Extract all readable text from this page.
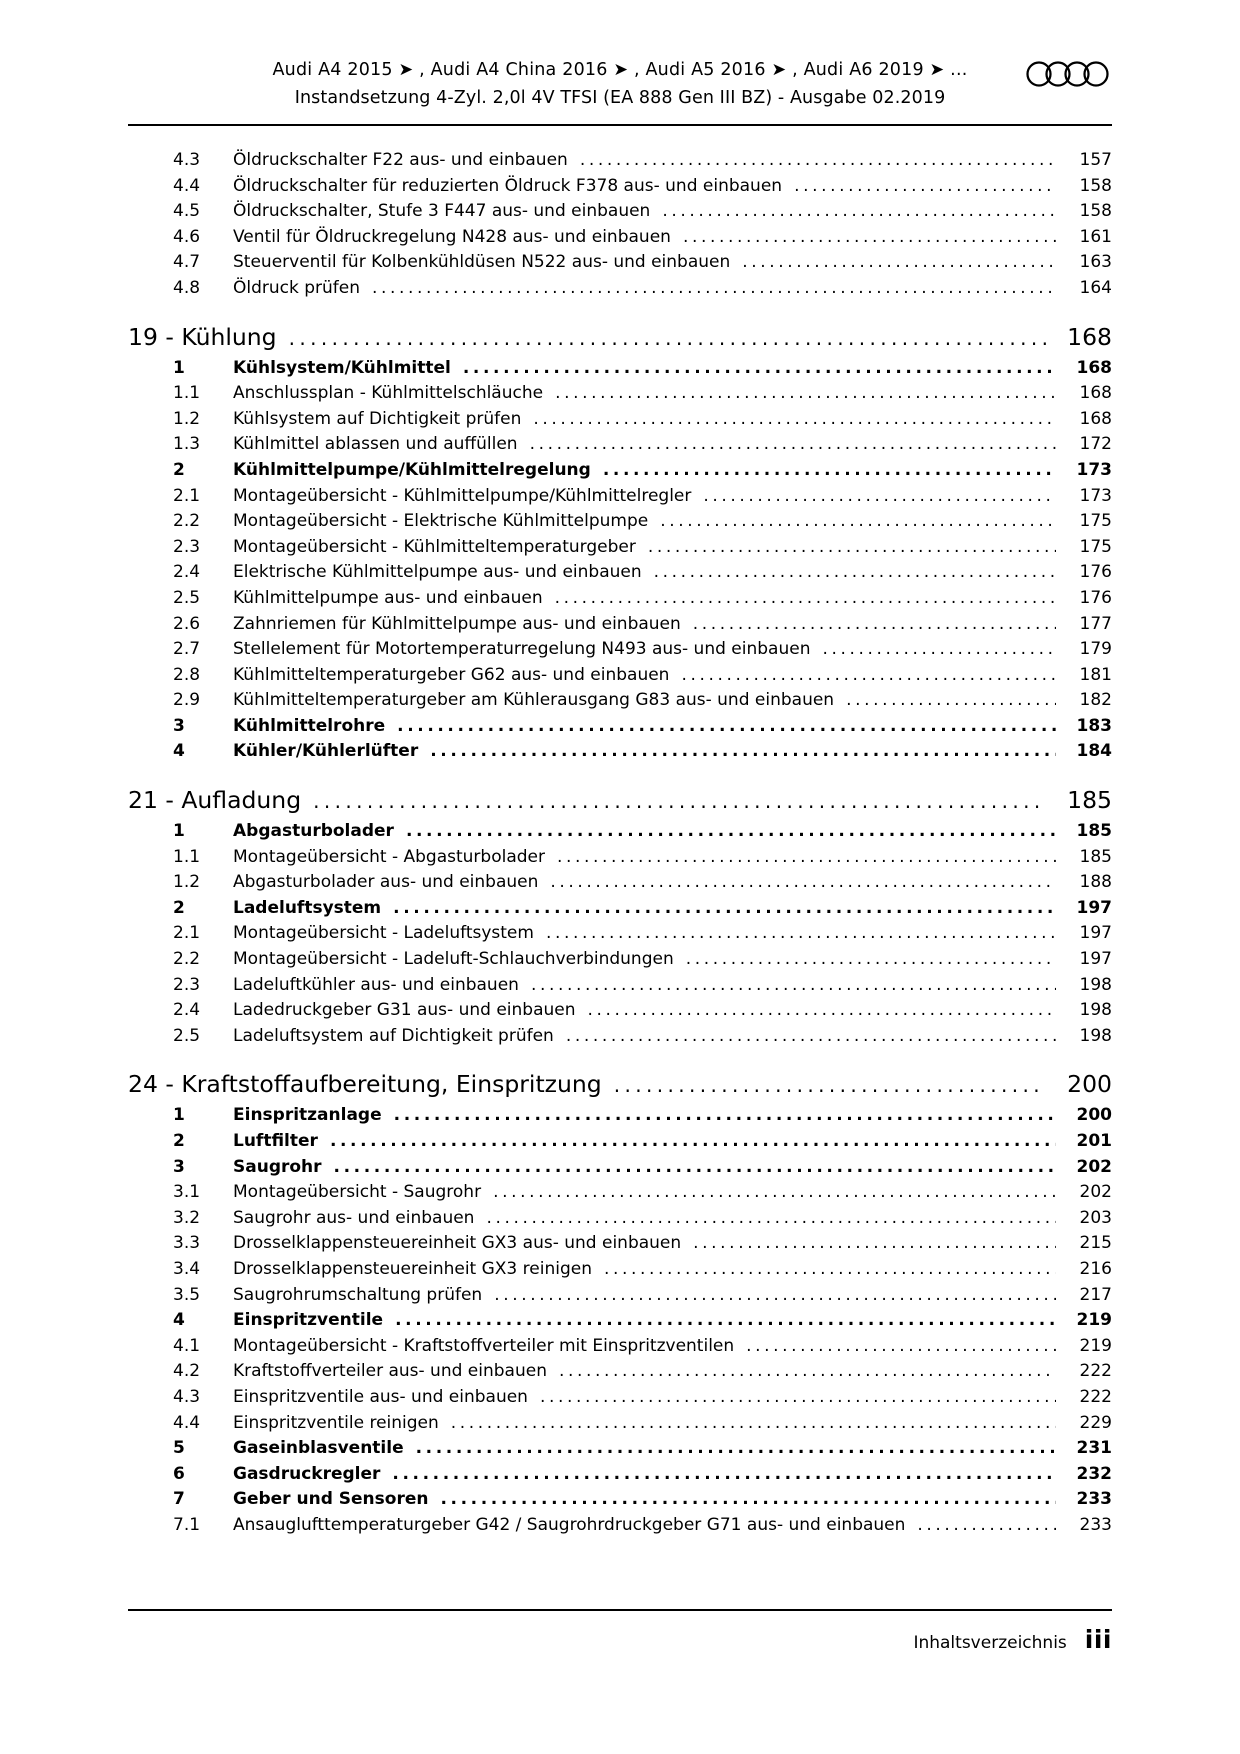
Audi A4 2015 ➤ , Audi A4 China 2016 ➤ , Audi A5 2016 ➤ , Audi A6 2019 ➤ ...
Instandsetzung 4-Zyl. 2,0l 4V TFSI (EA 888 Gen III BZ) - Ausgabe 02.2019
4.3	Öldruckschalter F22 aus- und einbauen .....	157
4.4	Öldruckschalter für reduzierten Öldruck F378 aus- und einbauen .....	158
4.5	Öldruckschalter, Stufe 3 F447 aus- und einbauen .....	158
4.6	Ventil für Öldruckregelung N428 aus- und einbauen .....	161
4.7	Steuerventil für Kolbenkühldüsen N522 aus- und einbauen .....	163
4.8	Öldruck prüfen .....	164
19 - Kühlung .....	168
1	Kühlsystem/Kühlmittel .....	168
1.1	Anschlussplan - Kühlmittelschläuche .....	168
1.2	Kühlsystem auf Dichtigkeit prüfen .....	168
1.3	Kühlmittel ablassen und auffüllen .....	172
2	Kühlmittelpumpe/Kühlmittelregelung .....	173
2.1	Montageübersicht - Kühlmittelpumpe/Kühlmittelregler .....	173
2.2	Montageübersicht - Elektrische Kühlmittelpumpe .....	175
2.3	Montageübersicht - Kühlmitteltemperaturgeber .....	175
2.4	Elektrische Kühlmittelpumpe aus- und einbauen .....	176
2.5	Kühlmittelpumpe aus- und einbauen .....	176
2.6	Zahnriemen für Kühlmittelpumpe aus- und einbauen .....	177
2.7	Stellelement für Motortemperaturregelung N493 aus- und einbauen .....	179
2.8	Kühlmitteltemperaturgeber G62 aus- und einbauen .....	181
2.9	Kühlmitteltemperaturgeber am Kühlerausgang G83 aus- und einbauen .....	182
3	Kühlmittelrohre .....	183
4	Kühler/Kühlerlüfter .....	184
21 - Aufladung .....	185
1	Abgasturbolader .....	185
1.1	Montageübersicht - Abgasturbolader .....	185
1.2	Abgasturbolader aus- und einbauen .....	188
2	Ladeluftsystem .....	197
2.1	Montageübersicht - Ladeluftsystem .....	197
2.2	Montageübersicht - Ladeluft-Schlauchverbindungen .....	197
2.3	Ladeluftkühler aus- und einbauen .....	198
2.4	Ladedruckgeber G31 aus- und einbauen .....	198
2.5	Ladeluftsystem auf Dichtigkeit prüfen .....	198
24 - Kraftstoffaufbereitung, Einspritzung .....	200
1	Einspritzanlage .....	200
2	Luftfilter .....	201
3	Saugrohr .....	202
3.1	Montageübersicht - Saugrohr .....	202
3.2	Saugrohr aus- und einbauen .....	203
3.3	Drosselklappensteuereinheit GX3 aus- und einbauen .....	215
3.4	Drosselklappensteuereinheit GX3 reinigen .....	216
3.5	Saugrohrumschaltung prüfen .....	217
4	Einspritzventile .....	219
4.1	Montageübersicht - Kraftstoffverteiler mit Einspritzventilen .....	219
4.2	Kraftstoffverteiler aus- und einbauen .....	222
4.3	Einspritzventile aus- und einbauen .....	222
4.4	Einspritzventile reinigen .....	229
5	Gaseinblasventile .....	231
6	Gasdruckregler .....	232
7	Geber und Sensoren .....	233
7.1	Ansauglufttemperaturgeber G42 / Saugrohrdruckgeber G71 aus- und einbauen .....	233
Inhaltsverzeichnis iii
